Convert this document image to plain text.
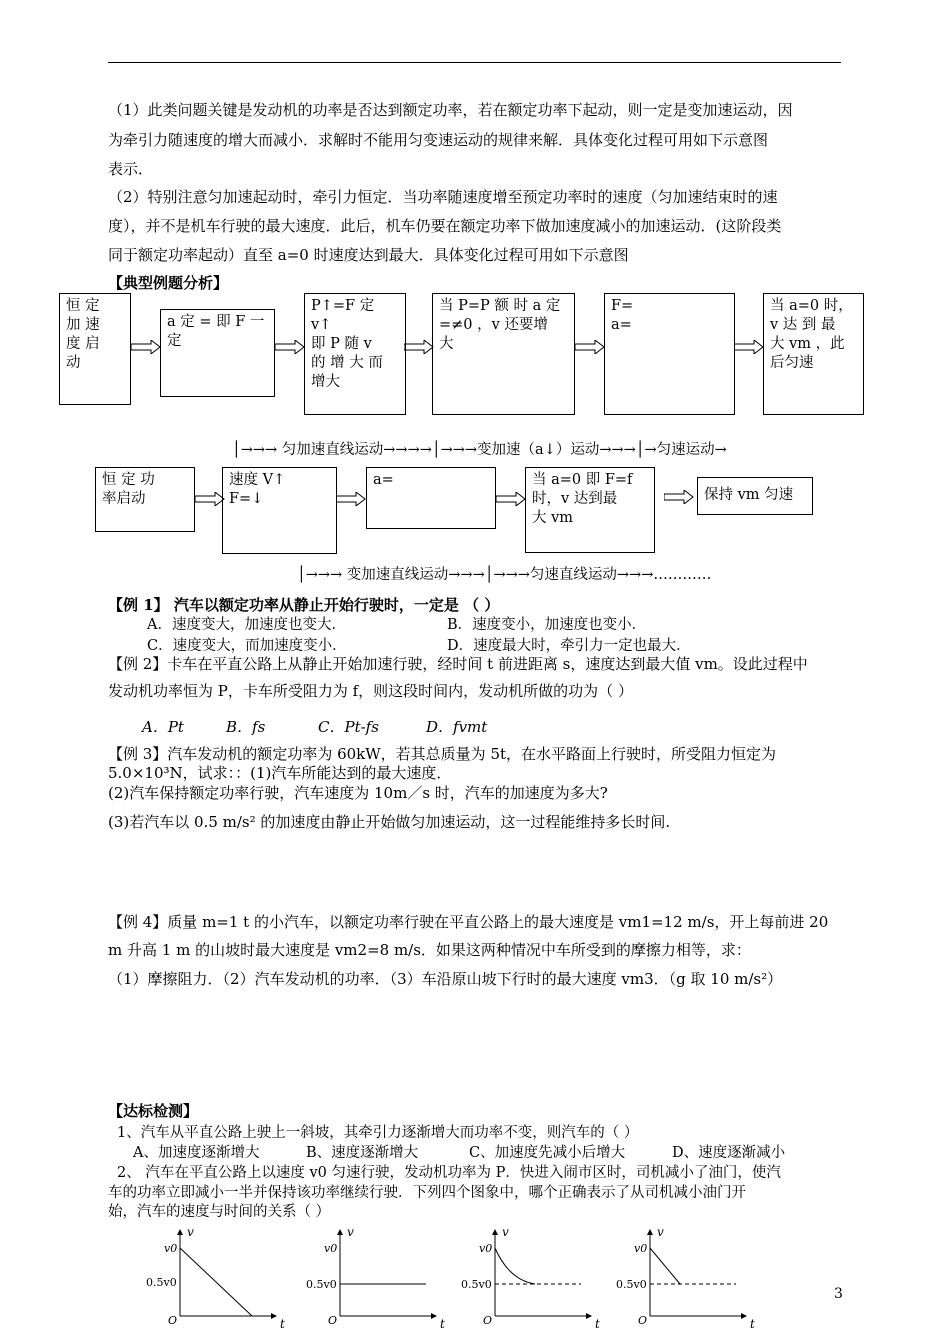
（1）此类问题关键是发动机的功率是否达到额定功率，若在额定功率下起动，则一定是变加速运动，因
为牵引力随速度的增大而减小．求解时不能用匀变速运动的规律来解．具体变化过程可用如下示意图
表示．
（2）特别注意匀加速起动时，牵引力恒定．当功率随速度增至预定功率时的速度（匀加速结束时的速
度），并不是机车行驶的最大速度．此后，机车仍要在额定功率下做加速度减小的加速运动．(这阶段类
同于额定功率起动）直至 a=0 时速度达到最大．具体变化过程可用如下示意图
【典型例题分析】
恒 定
加 速
度 启
动
a 定 = 即 F 一
定
P↑=F 定 v↑
即 P 随 v
的 增 大 而
增大
当 P=P 额 时 a 定
=≠0 ，v 还要增
大
F=
a=
当 a=0 时，
v 达 到 最
大 vm ，此
后匀速
│→→→ 匀加速直线运动→→→→│→→→变加速（a↓）运动→→→│→匀速运动→
恒 定 功
率启动
速度 V↑
F=↓
a=	当 a=0 即 F=f
时，v 达到最
大 vm
保持 vm 匀速
│→→→ 变加速直线运动→→→│→→→匀速直线运动→→→…………
【例 1】 汽车以额定功率从静止开始行驶时，一定是 （ ）
A．速度变大，加速度也变大．	B．速度变小，加速度也变小．
C．速度变大，而加速度变小．	D．速度最大时，牵引力一定也最大．
【例 2】卡车在平直公路上从静止开始加速行驶，经时间 t 前进距离 s，速度达到最大值 vm。设此过程中
发动机功率恒为 P，卡车所受阻力为 f，则这段时间内，发动机所做的功为（ ）
A．Pt	B．fs	C．Pt-fs	D．fvmt
【例 3】汽车发动机的额定功率为 60kW，若其总质量为 5t，在水平路面上行驶时，所受阻力恒定为
5.0×10³N，试求：：(1)汽车所能达到的最大速度．
(2)汽车保持额定功率行驶，汽车速度为 10m／s 时，汽车的加速度为多大?
(3)若汽车以 0.5 m/s² 的加速度由静止开始做匀加速运动，这一过程能维持多长时间.
【例 4】质量 m=1 t 的小汽车，以额定功率行驶在平直公路上的最大速度是 vm1=12 m/s，开上每前进 20
m 升高 1 m 的山坡时最大速度是 vm2=8 m/s．如果这两种情况中车所受到的摩擦力相等，求：
（1）摩擦阻力．（2）汽车发动机的功率．（3）车沿原山坡下行时的最大速度 vm3．（g 取 10 m/s²）
【达标检测】
1、汽车从平直公路上驶上一斜坡，其牵引力逐渐增大而功率不变，则汽车的（ ）
A、加速度逐渐增大	B、速度逐渐增大	C、加速度先减小后增大	D、速度逐渐减小
2、 汽车在平直公路上以速度 v0 匀速行驶，发动机功率为 P．快进入闹市区时，司机减小了油门，使汽
车的功率立即减小一半并保持该功率继续行驶．下列四个图象中，哪个正确表示了从司机减小油门开
始，汽车的速度与时间的关系（ ）
v
t
v0
0.5v0
O
v
t
v0
0.5v0
O
v
t
v0
0.5v0
O
v
t
v0
0.5v0
O
3
